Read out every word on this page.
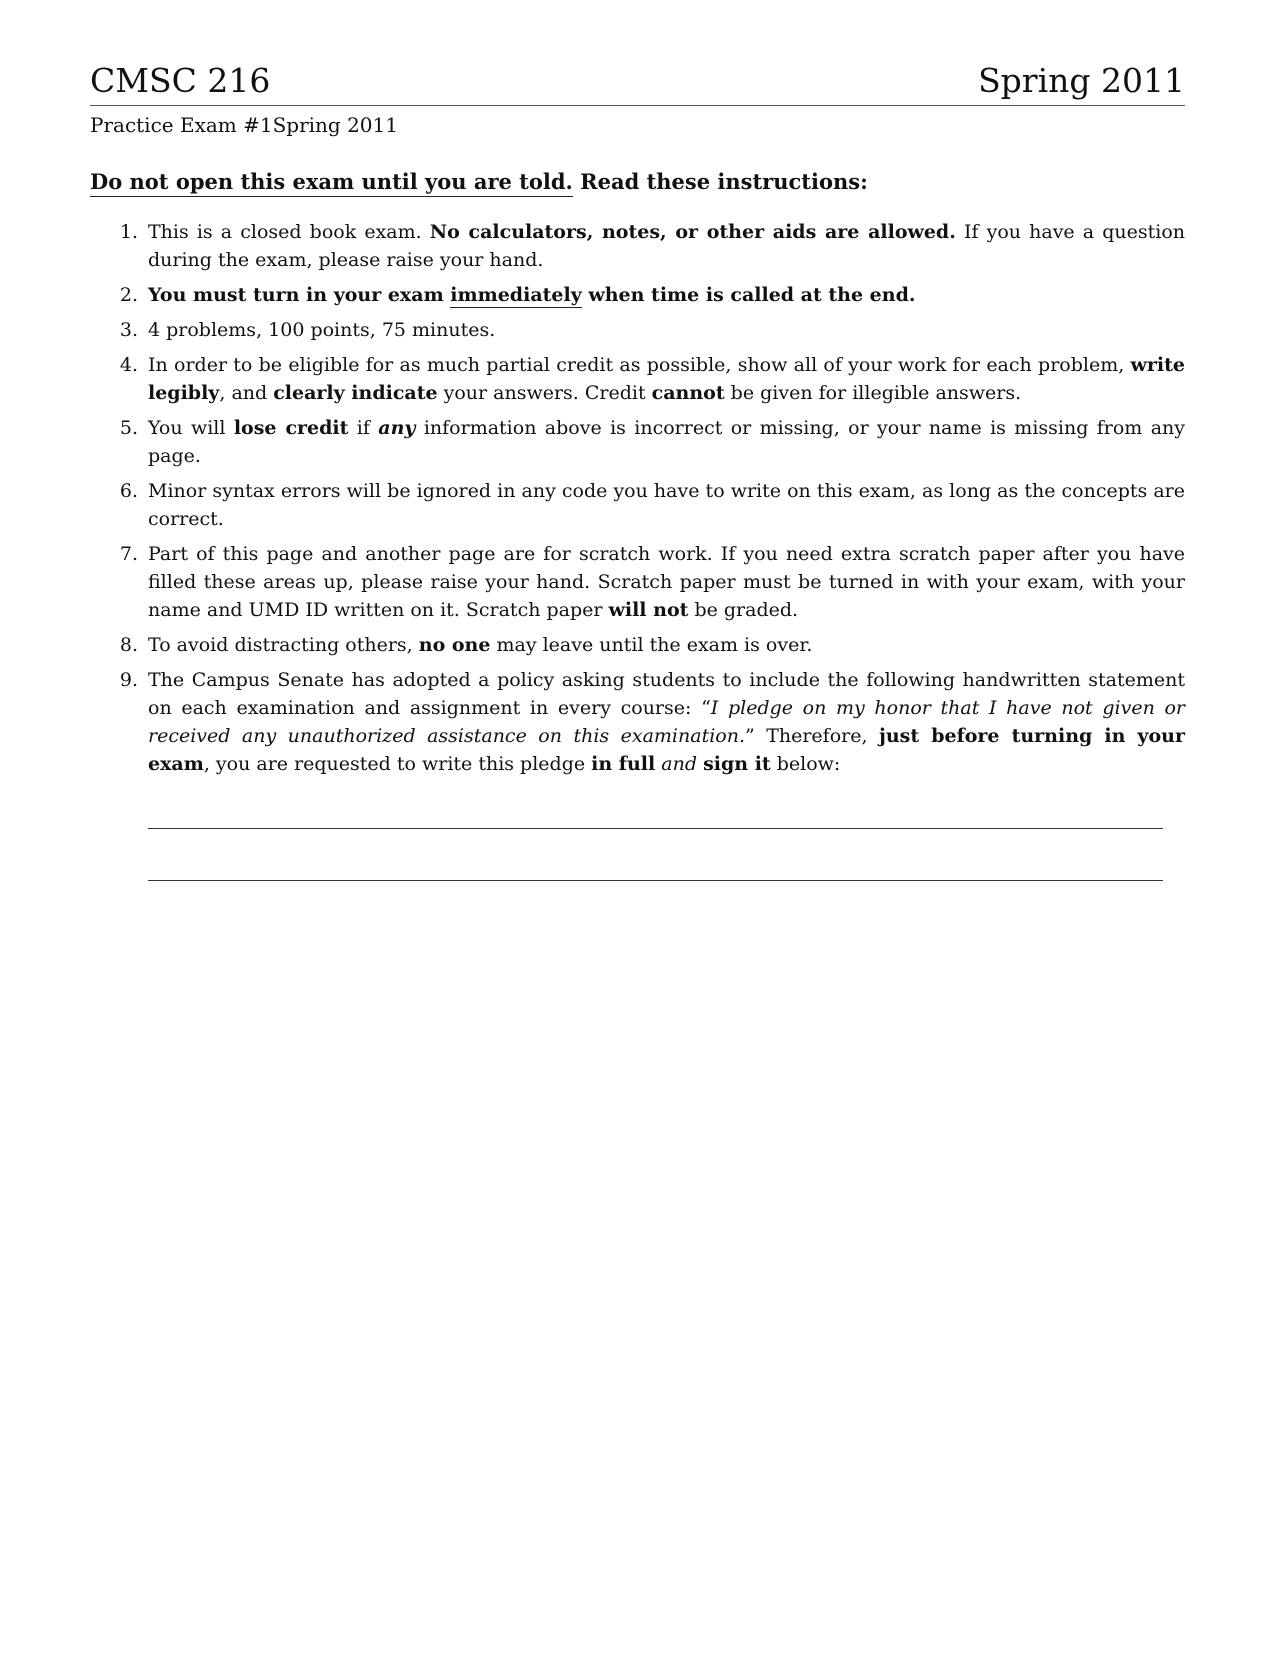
CMSC 216	Spring 2011
Practice Exam #1Spring 2011
Do not open this exam until you are told. Read these instructions:
1. This is a closed book exam. No calculators, notes, or other aids are allowed. If you have a question during the exam, please raise your hand.
2. You must turn in your exam immediately when time is called at the end.
3. 4 problems, 100 points, 75 minutes.
4. In order to be eligible for as much partial credit as possible, show all of your work for each problem, write legibly, and clearly indicate your answers. Credit cannot be given for illegible answers.
5. You will lose credit if any information above is incorrect or missing, or your name is missing from any page.
6. Minor syntax errors will be ignored in any code you have to write on this exam, as long as the concepts are correct.
7. Part of this page and another page are for scratch work. If you need extra scratch paper after you have filled these areas up, please raise your hand. Scratch paper must be turned in with your exam, with your name and UMD ID written on it. Scratch paper will not be graded.
8. To avoid distracting others, no one may leave until the exam is over.
9. The Campus Senate has adopted a policy asking students to include the following handwritten statement on each examination and assignment in every course: “I pledge on my honor that I have not given or received any unauthorized assistance on this examination.” Therefore, just before turning in your exam, you are requested to write this pledge in full and sign it below:
